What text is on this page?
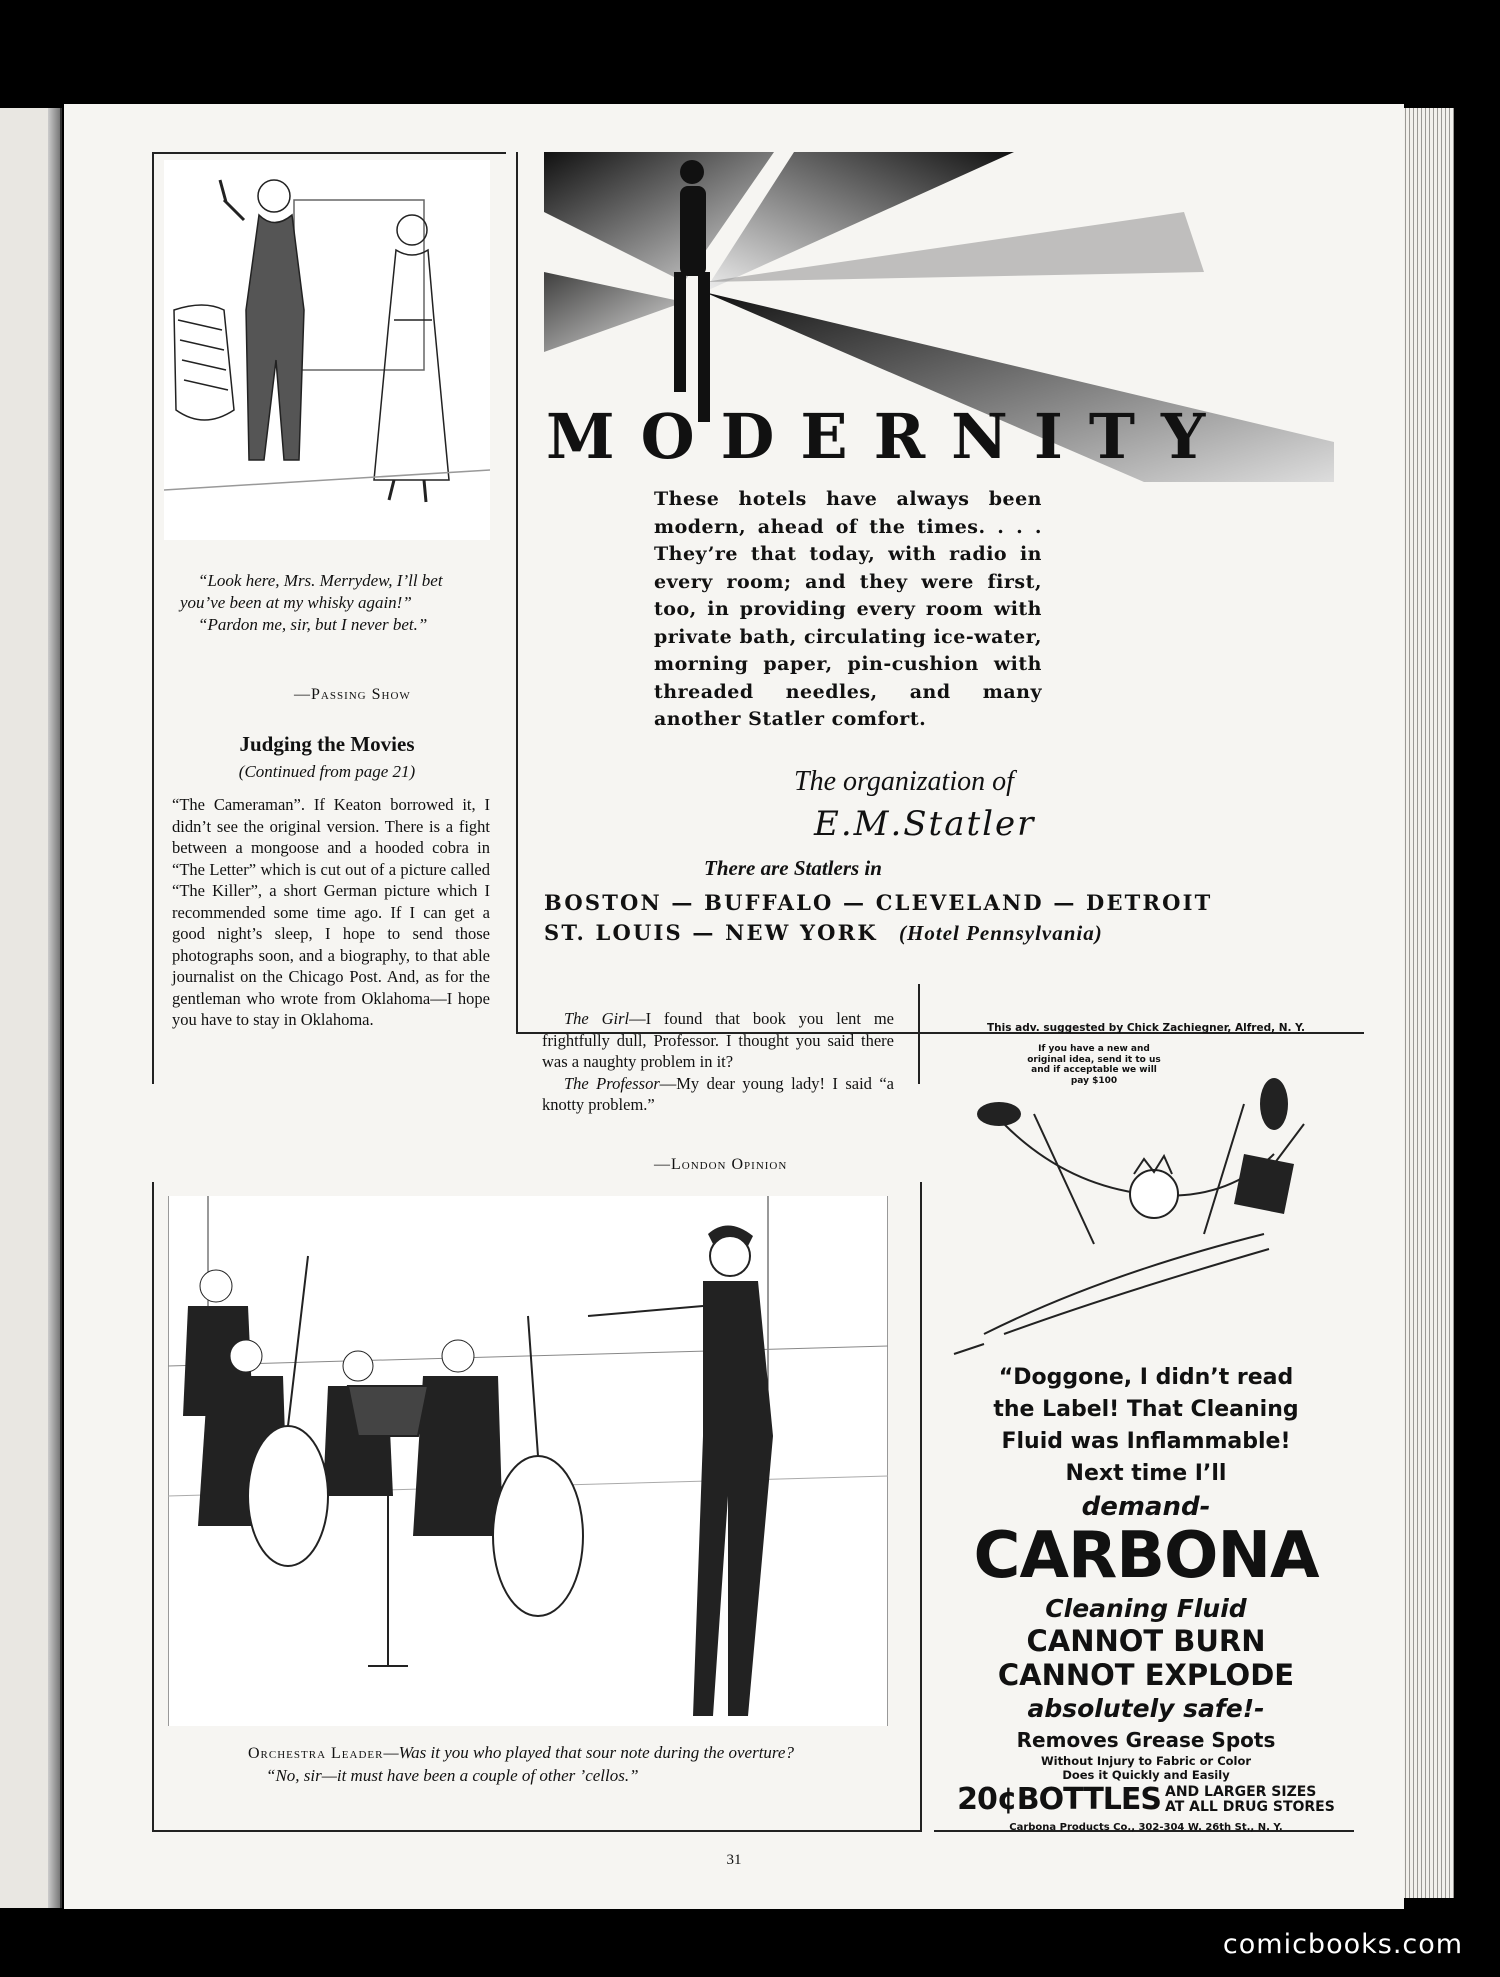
“Look here, Mrs. Merrydew, I’ll bet you’ve been at my whisky again!”
“Pardon me, sir, but I never bet.”
—Passing Show
Judging the Movies
(Continued from page 21)
“The Cameraman”. If Keaton borrowed it, I didn’t see the original version. There is a fight between a mongoose and a hooded cobra in “The Letter” which is cut out of a picture called “The Killer”, a short German picture which I recommended some time ago. If I can get a good night’s sleep, I hope to send those photographs soon, and a biography, to that able journalist on the Chicago Post. And, as for the gentleman who wrote from Oklahoma—I hope you have to stay in Oklahoma.
MODERNITY
These hotels have always been modern, ahead of the times. . . . They’re that today, with radio in every room; and they were first, too, in providing every room with private bath, circulating ice-water, morning paper, pin-cushion with threaded needles, and many another Statler comfort.
The organization of
E.M.Statler
There are Statlers in
BOSTON — BUFFALO — CLEVELAND — DETROIT
ST. LOUIS — NEW YORK (Hotel Pennsylvania)

The Girl—I found that book you lent me frightfully dull, Professor. I thought you said there was a naughty problem in it?

The Professor—My dear young lady! I said “a knotty problem.”

—London Opinion
Orchestra Leader—Was it you who played that sour note during the overture?
“No, sir—it must have been a couple of other ’cellos.”
This adv. suggested by Chick Zachiegner, Alfred, N. Y.
If you have a new and original idea, send it to us and if acceptable we will pay $100
“Doggone, I didn’t read
the Label! That Cleaning
Fluid was Inflammable!
Next time I’ll
demand-
CARBONA
Cleaning Fluid
CANNOT BURN
CANNOT EXPLODE
absolutely safe!-
Removes Grease Spots
Without Injury to Fabric or Color
Does it Quickly and Easily
20¢BOTTLES AND LARGER SIZES
AT ALL DRUG STORES
Carbona Products Co., 302-304 W. 26th St., N. Y.
31
comicbooks.com
